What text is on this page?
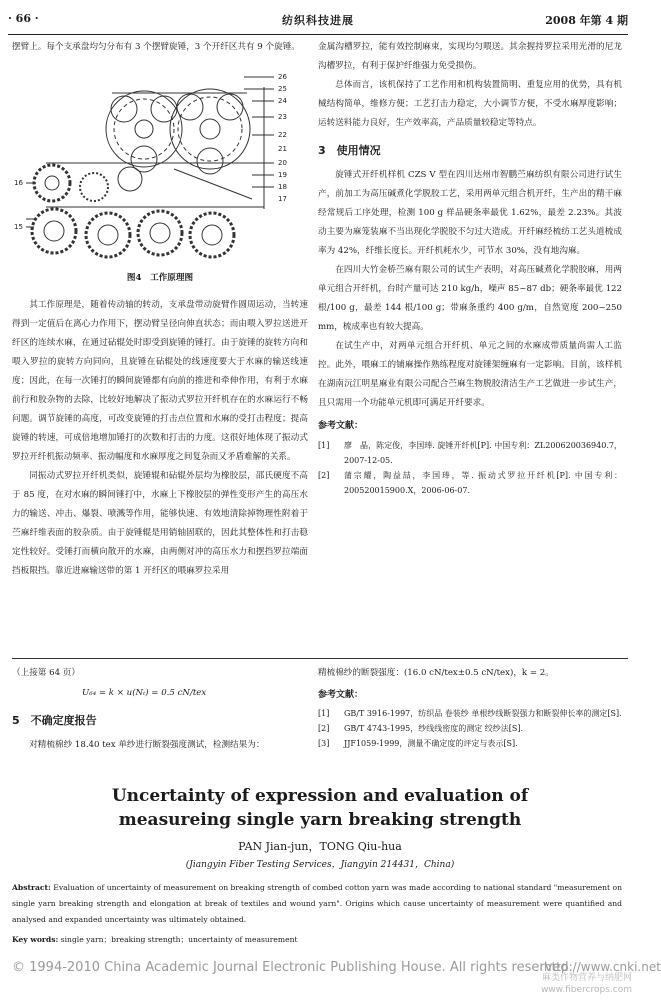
· 66 ·	纺织科技进展	2008 年第 4 期

摆臂上。每个支承盘均匀分布有 3 个摆臂旋锤，3 个开纤区共有 9 个旋锤。

26
25
24
23
22
21
20
19
18
17
16
15
图4　工作原理图

其工作原理是，随着传动轴的转动，支承盘带动旋臂作圆周运动，当转速得到一定值后在离心力作用下，摆动臂呈径向伸直状态；而由喂入罗拉送进开纤区的连续水麻，在通过砧辊处时即受到旋锤的锤打。由于旋锤的旋转方向和喂入罗拉的旋转方向同向，且旋锤在砧辊处的线速度要大于水麻的输送线速度；因此，在每一次锤打的瞬间旋锤都有向前的推进和牵伸作用，有利于水麻前行和胶杂物的去除，比较好地解决了振动式罗拉开纤机存在的水麻运行不畅问题。调节旋锤的高度，可改变旋锤的打击点位置和水麻的受打击程度；提高旋锤的转速，可成倍地增加锤打的次数和打击的力度。这很好地体现了振动式罗拉开纤机振动频率、振动幅度和水麻厚度之间复杂而又矛盾难解的关系。

同振动式罗拉开纤机类似，旋锤辊和砧辊外层均为橡胶层，邵氏硬度不高于 85 度，在对水麻的瞬间锤打中，水麻上下橡胶层的弹性变形产生的高压水力的输送、冲击、爆裂、喷溅等作用，能够快速、有效地清除掉物理性附着于苎麻纤维表面的胶杂质。由于旋锤辊是用销轴固联的，因此其整体性和打击稳定性较好。受锤打而横向散开的水麻，由两侧对冲的高压水力和摆挡罗拉端面挡板限挡。靠近进麻输送带的第 1 开纤区的喂麻罗拉采用

金属沟槽罗拉，能有效控制麻束，实现均匀喂送。其余握持罗拉采用光滑的尼龙沟槽罗拉，有利于保护纤维强力免受损伤。

总体而言，该机保持了工艺作用和机构装置简明、重复应用的优势，具有机械结构简单，维修方便；工艺打击力稳定，大小调节方便，不受水麻厚度影响；运转送料能力良好，生产效率高，产品质量较稳定等特点。

3　使用情况

旋锤式开纤机样机 CZS Ⅴ 型在四川达州市智鹏苎麻纺织有限公司进行试生产，前加工为高压碱煮化学脱胶工艺，采用两单元组合机开纤，生产出的精干麻经常规后工序处理，检测 100 g 样品硬条率最优 1.62%，最差 2.23%。其波动主要为麻笼装麻不当出现化学脱胶不匀过大造成。开纤麻经梳纺工艺头道梳成率为 42%，纤维长度长。开纤机耗水少，可节水 30%，没有地沟麻。

在四川大竹金桥苎麻有限公司的试生产表明，对高压碱煮化学脱胶麻，用两单元组合开纤机，台时产量可达 210 kg/h，噪声 85~87 db；硬条率最优 122 根/100 g，最差 144 根/100 g；带麻条重约 400 g/m，自然宽度 200~250 mm，梳成率也有较大提高。

在试生产中，对两单元组合开纤机、单元之间的水麻成带质量尚需人工监控。此外，喂麻工的铺麻操作熟练程度对旋锤架缠麻有一定影响。目前，该样机在湖南沅江明星麻业有限公司配合苎麻生物脱胶清洁生产工艺做进一步试生产，且只需用一个功能单元机即可满足开纤要求。

参考文献：
[1] 廖　晶，陈定俊，李国琫. 旋锤开纤机[P]. 中国专利：ZL200620036940.7，2007-12-05.
[2] 蒲宗耀，陶益喆，李国琫，等. 振动式罗拉开纤机[P]. 中国专利：200520015900.X，2006-06-07.
（上接第 64 页）
U₆₄ = k × u(Nₜ) = 0.5 cN/tex
5　不确定度报告

对精梳棉纱 18.40 tex 单纱进行断裂强度测试，检测结果为：

精梳棉纱的断裂强度：(16.0 cN/tex±0.5 cN/tex)，k = 2。
参考文献：
[1] GB/T 3916-1997，纺织品 卷装纱 单根纱线断裂强力和断裂伸长率的测定[S].
[2] GB/T 4743-1995，纱线线密度的测定 绞纱法[S].
[3] JJF1059-1999，测量不确定度的评定与表示[S].
Uncertainty of expression and evaluation of
measureing single yarn breaking strength
PAN Jian-jun，TONG Qiu-hua
(Jiangyin Fiber Testing Services，Jiangyin 214431，China)
Abstract: Evaluation of uncertainty of measurement on breaking strength of combed cotton yarn was made according to national standard "measurement on single yarn breaking strength and elongation at break of textiles and wound yarn". Origins which cause uncertainty of measurement were quantified and analysed and expanded uncertainty was ultimately obtained.
Key words: single yarn；breaking strength；uncertainty of measurement
© 1994-2010 China Academic Journal Electronic Publishing House. All rights reserved.
http://www.cnki.net
麻类作物营养与纳肥网
www.fibercrops.com
